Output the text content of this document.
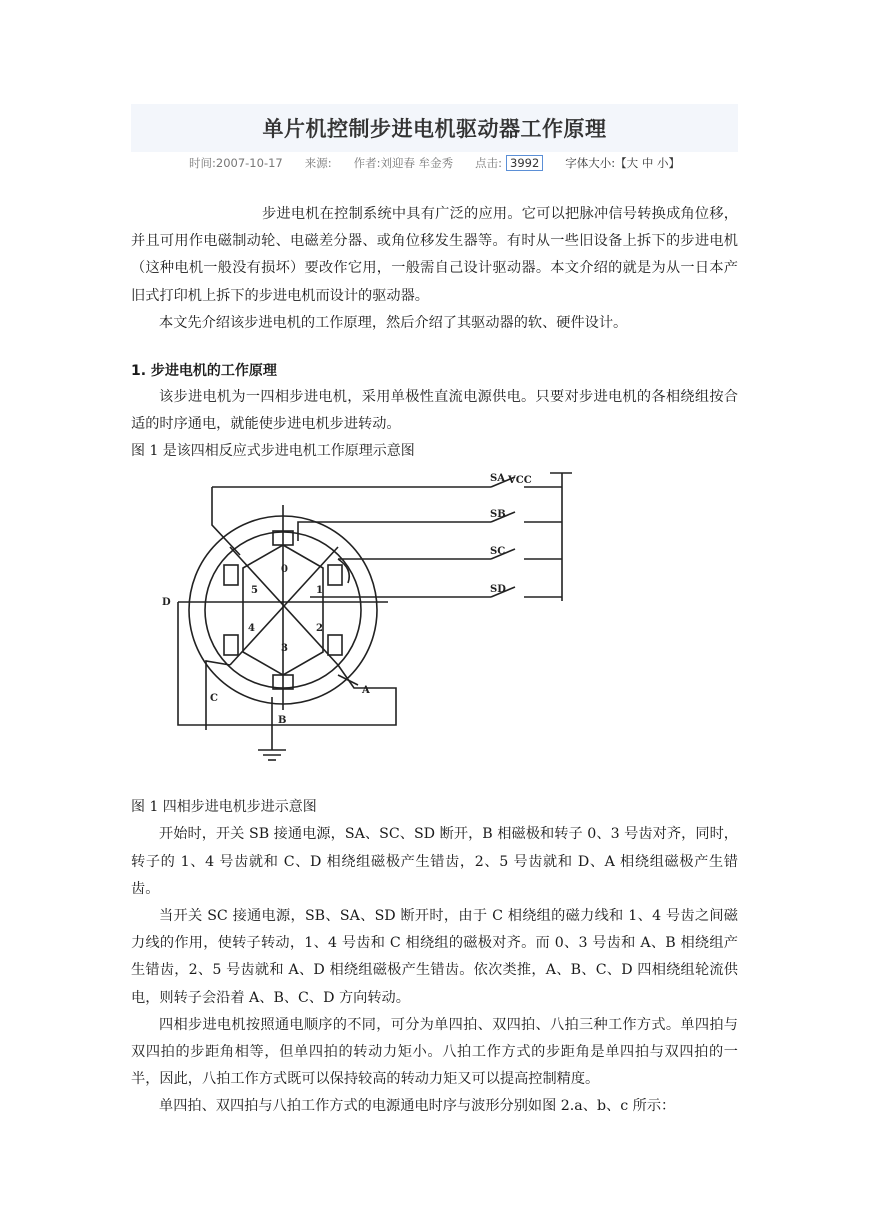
单片机控制步进电机驱动器工作原理
时间:2007-10-17 来源: 作者:刘迎春 牟金秀 点击: 3992	字体大小:【大 中 小】

步进电机在控制系统中具有广泛的应用。它可以把脉冲信号转换成角位移，并且可用作电磁制动轮、电磁差分器、或角位移发生器等。有时从一些旧设备上拆下的步进电机（这种电机一般没有损坏）要改作它用，一般需自己设计驱动器。本文介绍的就是为从一日本产旧式打印机上拆下的步进电机而设计的驱动器。

本文先介绍该步进电机的工作原理，然后介绍了其驱动器的软、硬件设计。

1. 步进电机的工作原理

该步进电机为一四相步进电机，采用单极性直流电源供电。只要对步进电机的各相绕组按合适的时序通电，就能使步进电机步进转动。

图 1 是该四相反应式步进电机工作原理示意图
SA VCC
SB
SC
SD
D
C
B
A
0
1
2
3
4
5
图 1 四相步进电机步进示意图

开始时，开关 SB 接通电源，SA、SC、SD 断开，B 相磁极和转子 0、3 号齿对齐，同时，转子的 1、4 号齿就和 C、D 相绕组磁极产生错齿，2、5 号齿就和 D、A 相绕组磁极产生错齿。

当开关 SC 接通电源，SB、SA、SD 断开时，由于 C 相绕组的磁力线和 1、4 号齿之间磁力线的作用，使转子转动，1、4 号齿和 C 相绕组的磁极对齐。而 0、3 号齿和 A、B 相绕组产生错齿，2、5 号齿就和 A、D 相绕组磁极产生错齿。依次类推，A、B、C、D 四相绕组轮流供电，则转子会沿着 A、B、C、D 方向转动。

四相步进电机按照通电顺序的不同，可分为单四拍、双四拍、八拍三种工作方式。单四拍与双四拍的步距角相等，但单四拍的转动力矩小。八拍工作方式的步距角是单四拍与双四拍的一半，因此，八拍工作方式既可以保持较高的转动力矩又可以提高控制精度。

单四拍、双四拍与八拍工作方式的电源通电时序与波形分别如图 2.a、b、c 所示：
